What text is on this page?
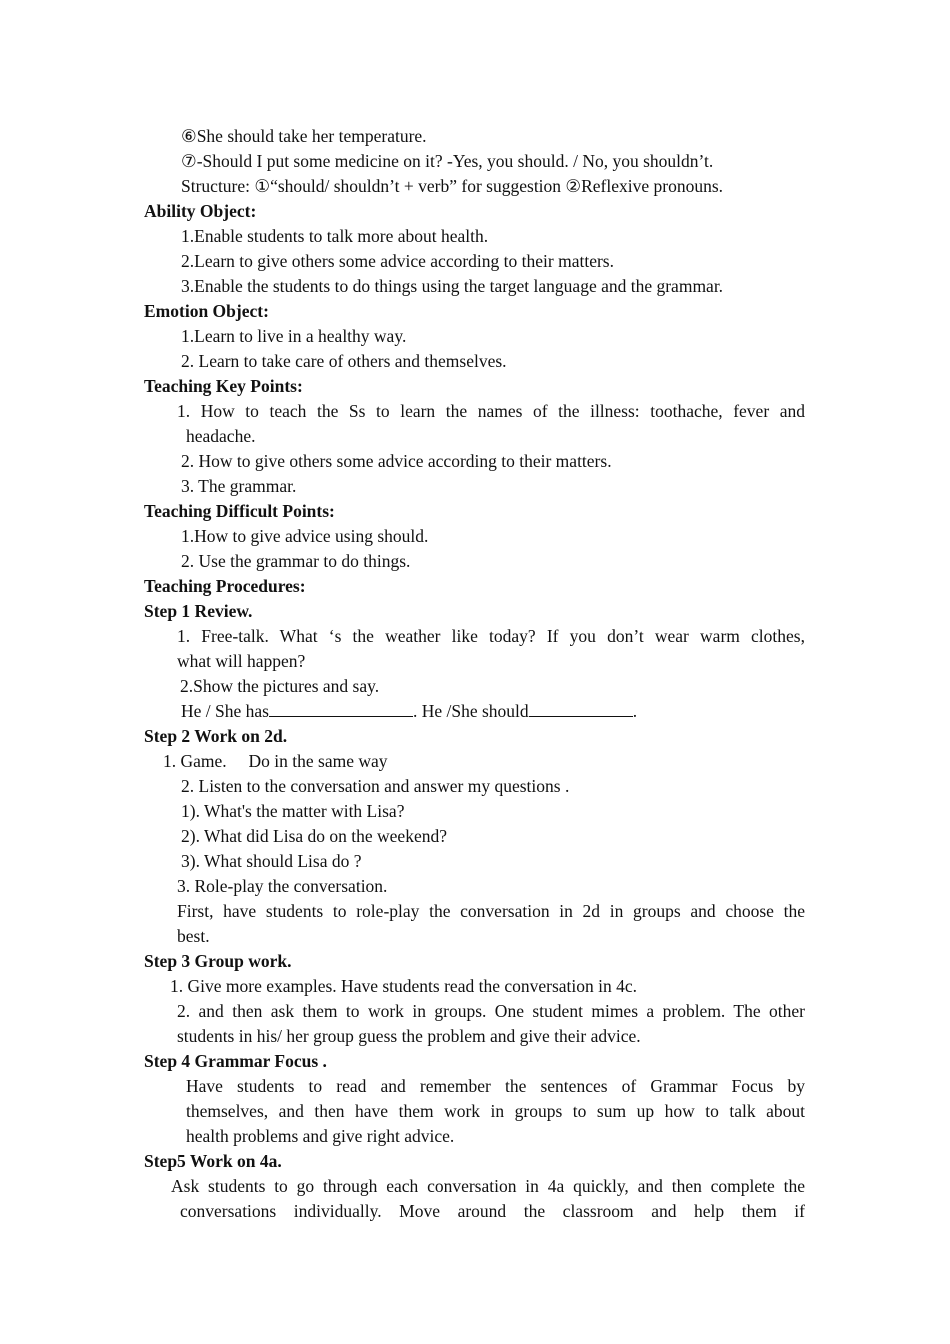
⑥She should take her temperature.
⑦-Should I put some medicine on it? -Yes, you should. / No, you shouldn’t.
Structure: ①“should/ shouldn’t + verb” for suggestion ②Reflexive pronouns.
Ability Object:
1.Enable students to talk more about health.
2.Learn to give others some advice according to their matters.
3.Enable the students to do things using the target language and the grammar.
Emotion Object:
1.Learn to live in a healthy way.
2. Learn to take care of others and themselves.
Teaching Key Points:
1. How to teach the Ss to learn the names of the illness: toothache, fever and
headache.
2. How to give others some advice according to their matters.
3. The grammar.
Teaching Difficult Points:
1.How to give advice using should.
2. Use the grammar to do things.
Teaching Procedures:
Step 1 Review.
1. Free-talk. What ‘s the weather like today? If you don’t wear warm clothes,
what will happen?
2.Show the pictures and say.
He / She has	. He /She should	.
Step 2 Work on 2d.
1. Game.     Do in the same way
2. Listen to the conversation and answer my questions .
1). What's the matter with Lisa?
2). What did Lisa do on the weekend?
3). What should Lisa do ?
3. Role-play the conversation.
First, have students to role-play the conversation in 2d in groups and choose the
best.
Step 3 Group work.
1. Give more examples. Have students read the conversation in 4c.
2. and then ask them to work in groups. One student mimes a problem. The other
students in his/ her group guess the problem and give their advice.
Step 4 Grammar Focus .
Have students to read and remember the sentences of Grammar Focus by
themselves, and then have them work in groups to sum up how to talk about
health problems and give right advice.
Step5 Work on 4a.
Ask students to go through each conversation in 4a quickly, and then complete the
conversations individually. Move around the classroom and help them if
